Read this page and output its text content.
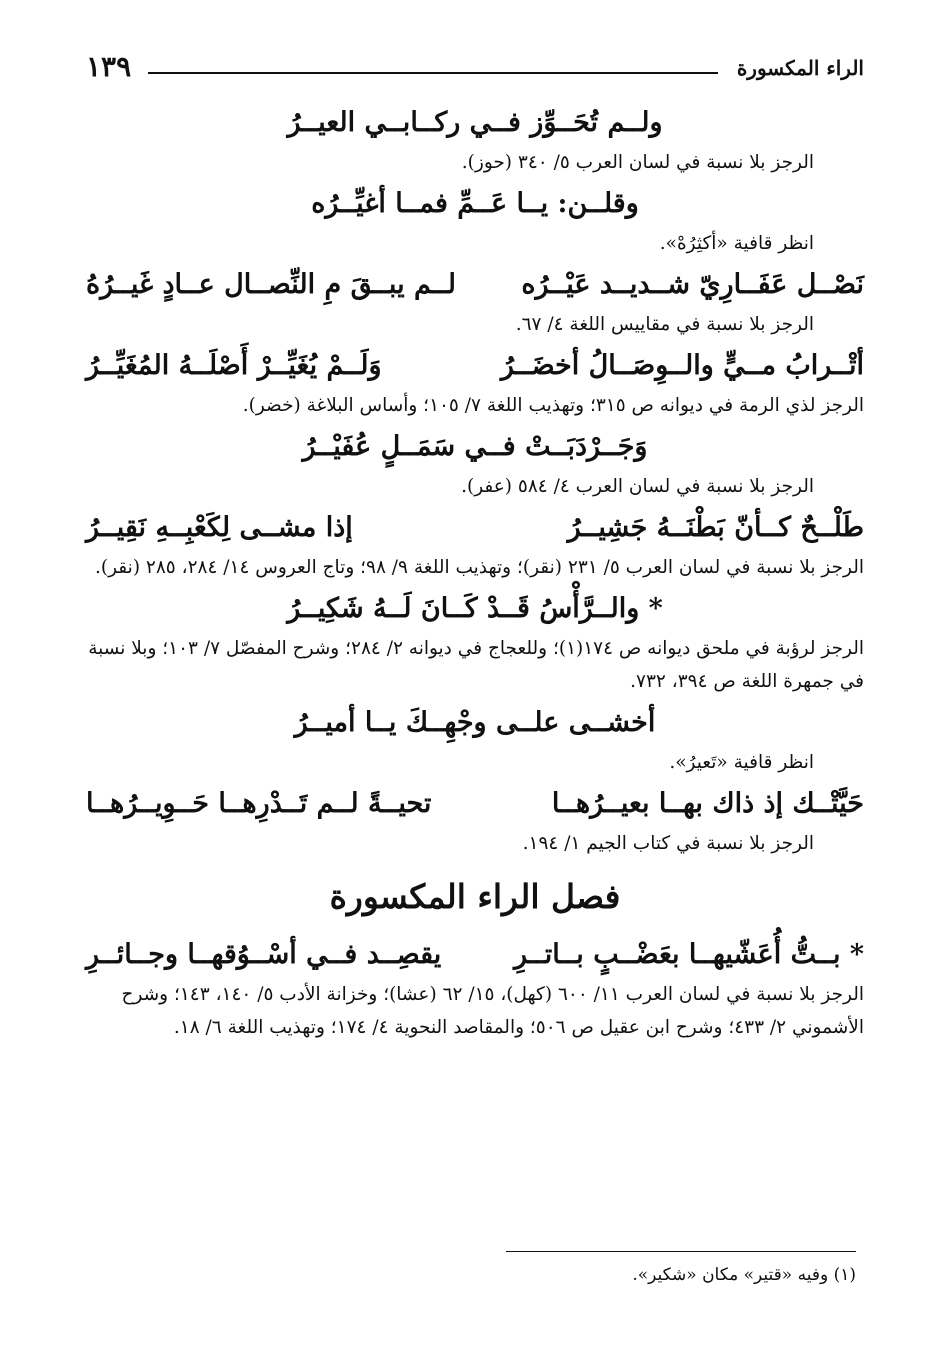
الراء المكسورة
١٣٩

ولــم تُحَــوِّز فــي ركــابــي العيــرُ

الرجز بلا نسبة في لسان العرب ٥/ ٣٤٠ (حوز).

وقلــن: يــا عَــمِّ فمــا أغيِّــرُه

انظر قافية «أكثِرُهْ».

نَصْــل عَفَــارِيّ شــديــد عَيْــرُه
لــم يبــقَ مِ النِّصــال عــادٍ غَيــرُهُ

الرجز بلا نسبة في مقاييس اللغة ٤/ ٦٧.

أتْــرابُ مــيٍّ والــوِصَــالُ أخضَــرُ
وَلَــمْ يُغَيِّــرْ أَصْلَــهُ المُغَيِّــرُ

الرجز لذي الرمة في ديوانه ص ٣١٥؛ وتهذيب اللغة ٧/ ١٠٥؛ وأساس البلاغة (خضر).

وَجَــرْدَبَــتْ فــي سَمَــلٍ عُفَيْــرُ

الرجز بلا نسبة في لسان العرب ٤/ ٥٨٤ (عفر).

طَلْــحٌ كــأنّ بَطْنَــهُ جَشِيــرُ
إذا مشــى لِكَعْبِــهِ نَقِيــرُ

الرجز بلا نسبة في لسان العرب ٥/ ٢٣١ (نقر)؛ وتهذيب اللغة ٩/ ٩٨؛ وتاج العروس ١٤/ ٢٨٤، ٢٨٥ (نقر).

* والــرَّأْسُ قَــدْ كَــانَ لَــهُ شَكِيــرُ

الرجز لرؤبة في ملحق ديوانه ص ١٧٤(١)؛ وللعجاج في ديوانه ٢/ ٢٨٤؛ وشرح المفصّل ٧/ ١٠٣؛ وبلا نسبة في جمهرة اللغة ص ٣٩٤، ٧٣٢.

أخشــى علــى وجْهِــكَ يــا أميــرُ

انظر قافية «تَعيرُ».

حَيَّتْــك إذ ذاك بهــا بعيــرُهــا
تحيــةً لــم تَــدْرِهــا حَــوِيــرُهــا

الرجز بلا نسبة في كتاب الجيم ١/ ١٩٤.

فصل الراء المكسورة

* بــتُّ أُعَشّيهــا بعَضْــبٍ بــاتــرِ
يقصِــد فــي أسْــوُقهــا وجــائــرِ

الرجز بلا نسبة في لسان العرب ١١/ ٦٠٠ (كهل)، ١٥/ ٦٢ (عشا)؛ وخزانة الأدب ٥/ ١٤٠، ١٤٣؛ وشرح الأشموني ٢/ ٤٣٣؛ وشرح ابن عقيل ص ٥٠٦؛ والمقاصد النحوية ٤/ ١٧٤؛ وتهذيب اللغة ٦/ ١٨.

(١) وفيه «قتير» مكان «شكير».
